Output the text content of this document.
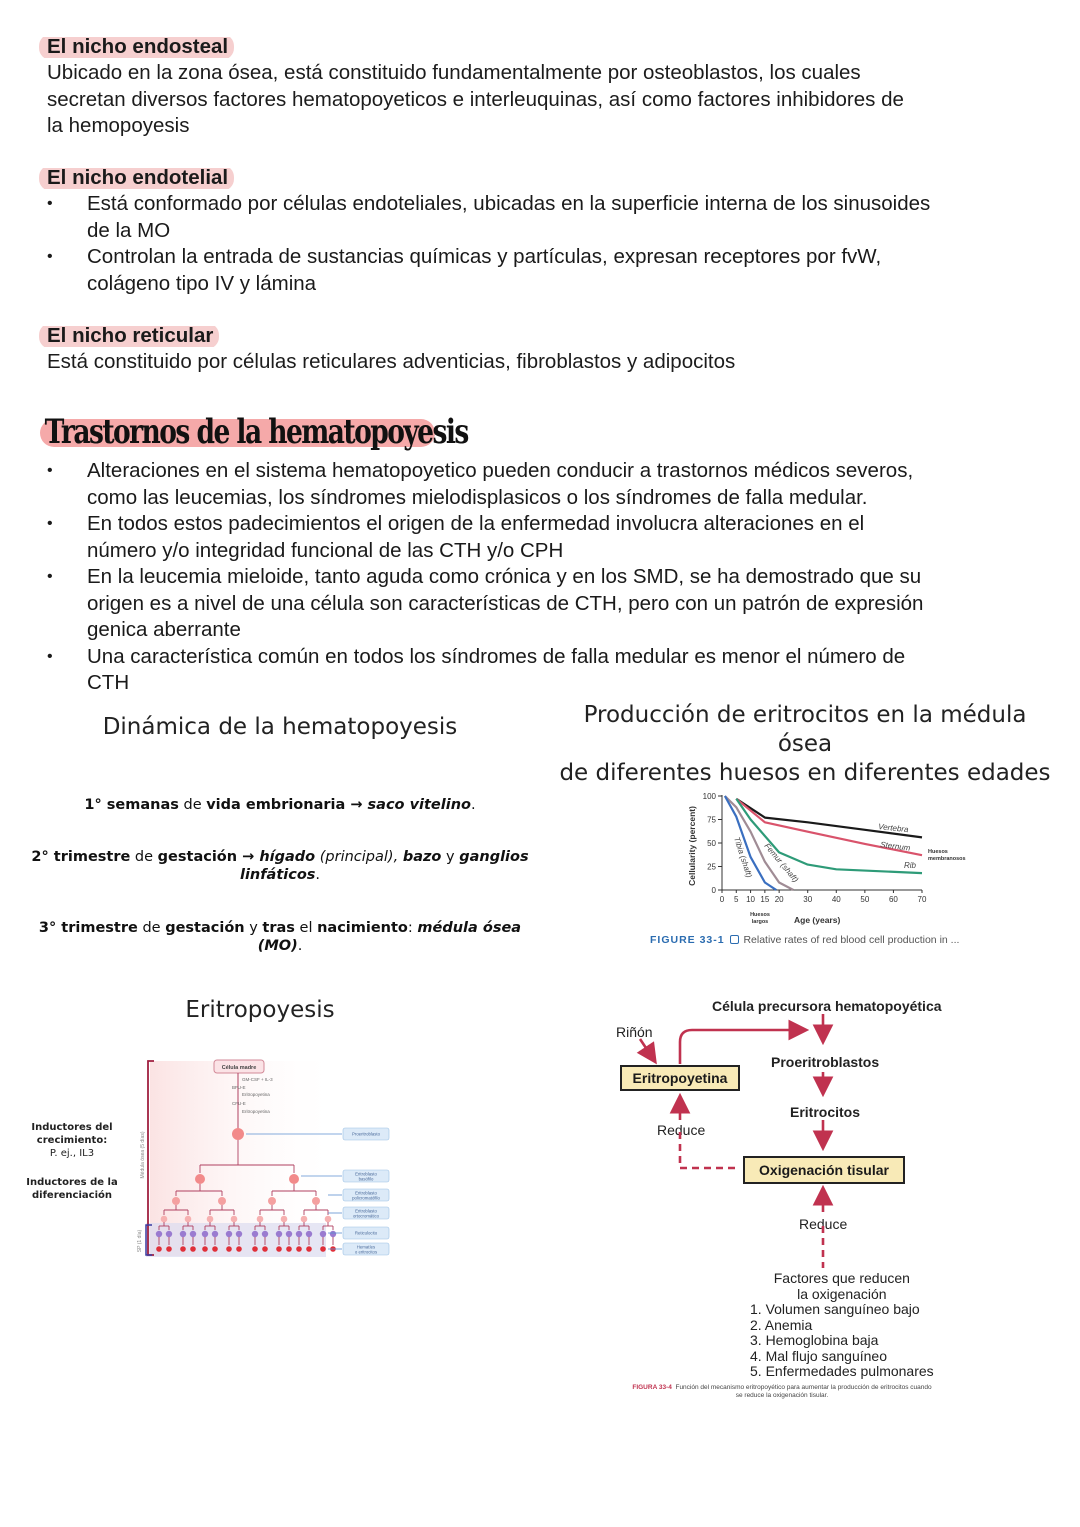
El nicho endosteal
Ubicado en la zona ósea, está constituido fundamentalmente por osteoblastos, los cuales
secretan diversos factores hematopoyeticos e interleuquinas, así como factores inhibidores de
la hemopoyesis
El nicho endotelial
• Está conformado por células endoteliales, ubicadas en la superficie interna de los sinusoides
de la MO
• Controlan la entrada de sustancias químicas y partículas, expresan receptores por fvW,
colágeno tipo IV y lámina
El nicho reticular
Está constituido por células reticulares adventicias, fibroblastos y adipocitos
Trastornos de la hematopoyesis
• Alteraciones en el sistema hematopoyetico pueden conducir a trastornos médicos severos,
como las leucemias, los síndromes mielodisplasicos o los síndromes de falla medular.
• En todos estos padecimientos el origen de la enfermedad involucra alteraciones en el
número y/o integridad funcional de las CTH y/o CPH
• En la leucemia mieloide, tanto aguda como crónica y en los SMD, se ha demostrado que su
origen es a nivel de una célula son características de CTH, pero con un patrón de expresión
genica aberrante
• Una característica común en todos los síndromes de falla medular es menor el número de
CTH
Dinámica de la hematopoyesis
1° semanas de vida embrionaria → saco vitelino.
2° trimestre de gestación → hígado (principal), bazo y ganglios
linfáticos.
3° trimestre de gestación y tras el nacimiento: médula ósea (MO).
Producción de eritrocitos en la médula ósea
de diferentes huesos en diferentes edades
Cellularity (percent)
0
25
50
75
100
0 5 10 15 20 30 40 50 60 70
Vertebra
Sternum
Rib
Tibia (shaft) Femur (shaft)
Age (years)
Huesos
largos
Huesos
membranosos
FIGURE 33-1 Relative rates of red blood cell production in ...
Eritropoyesis
Inductores del
crecimiento:
P. ej., IL3
Inductores de la
diferenciación
Médula ósea (5 días)
SP (1 día)
Célula madre
GM-CSF + IL-3
BFU-E
Eritropoyetina
CFU-E
Eritropoyetina
Proeritroblasto
Eritroblasto
basófilo
Eritroblasto
policromatófilo
Eritroblasto
ortocromático
Reticulocito
Hematíes
o eritrocitos
Célula precursora hematopoyética
Riñón
Eritropoyetina
Proeritroblastos
Eritrocitos
Reduce
Oxigenación tisular
Reduce
Factores que reducen
la oxigenación
1. Volumen sanguíneo bajo
2. Anemia
3. Hemoglobina baja
4. Mal flujo sanguíneo
5. Enfermedades pulmonares
FIGURA 33-4 Función del mecanismo eritropoyético para aumentar la producción de eritrocitos cuando
se reduce la oxigenación tisular.
